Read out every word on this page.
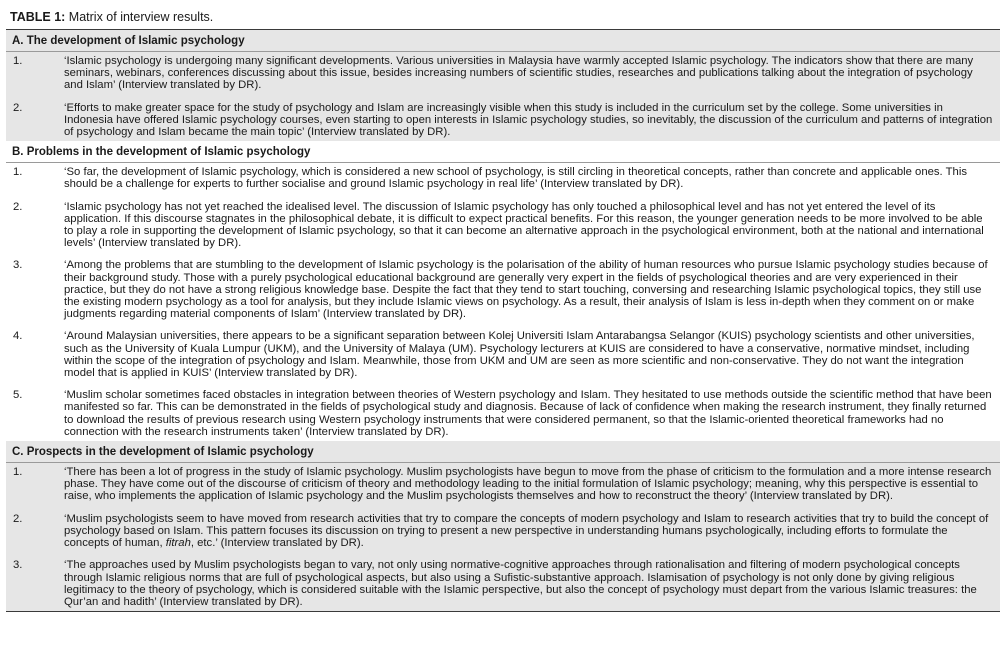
TABLE 1: Matrix of interview results.
A. The development of Islamic psychology
1.	‘Islamic psychology is undergoing many significant developments. Various universities in Malaysia have warmly accepted Islamic psychology. The indicators show that there are many seminars, webinars, conferences discussing about this issue, besides increasing numbers of scientific studies, researches and publications talking about the integration of psychology and Islam’ (Interview translated by DR).
2.	‘Efforts to make greater space for the study of psychology and Islam are increasingly visible when this study is included in the curriculum set by the college. Some universities in Indonesia have offered Islamic psychology courses, even starting to open interests in Islamic psychology studies, so inevitably, the discussion of the curriculum and patterns of integration of psychology and Islam became the main topic’ (Interview translated by DR).
B. Problems in the development of Islamic psychology
1.	‘So far, the development of Islamic psychology, which is considered a new school of psychology, is still circling in theoretical concepts, rather than concrete and applicable ones. This should be a challenge for experts to further socialise and ground Islamic psychology in real life’ (Interview translated by DR).
2.	‘Islamic psychology has not yet reached the idealised level. The discussion of Islamic psychology has only touched a philosophical level and has not yet entered the level of its application. If this discourse stagnates in the philosophical debate, it is difficult to expect practical benefits. For this reason, the younger generation needs to be more involved to be able to play a role in supporting the development of Islamic psychology, so that it can become an alternative approach in the psychological environment, both at the national and international levels’ (Interview translated by DR).
3.	‘Among the problems that are stumbling to the development of Islamic psychology is the polarisation of the ability of human resources who pursue Islamic psychology studies because of their background study. Those with a purely psychological educational background are generally very expert in the fields of psychological theories and are very experienced in their practice, but they do not have a strong religious knowledge base. Despite the fact that they tend to start touching, conversing and researching Islamic psychological topics, they still use the existing modern psychology as a tool for analysis, but they include Islamic views on psychology. As a result, their analysis of Islam is less in-depth when they comment on or make judgments regarding material components of Islam’ (Interview translated by DR).
4.	‘Around Malaysian universities, there appears to be a significant separation between Kolej Universiti Islam Antarabangsa Selangor (KUIS) psychology scientists and other universities, such as the University of Kuala Lumpur (UKM), and the University of Malaya (UM). Psychology lecturers at KUIS are considered to have a conservative, normative mindset, including within the scope of the integration of psychology and Islam. Meanwhile, those from UKM and UM are seen as more scientific and non-conservative. They do not want the integration model that is applied in KUIS’ (Interview translated by DR).
5.	‘Muslim scholar sometimes faced obstacles in integration between theories of Western psychology and Islam. They hesitated to use methods outside the scientific method that have been manifested so far. This can be demonstrated in the fields of psychological study and diagnosis. Because of lack of confidence when making the research instrument, they finally returned to download the results of previous research using Western psychology instruments that were considered permanent, so that the Islamic-oriented theoretical frameworks had no connection with the research instruments taken’ (Interview translated by DR).
C. Prospects in the development of Islamic psychology
1.	‘There has been a lot of progress in the study of Islamic psychology. Muslim psychologists have begun to move from the phase of criticism to the formulation and a more intense research phase. They have come out of the discourse of criticism of theory and methodology leading to the initial formulation of Islamic psychology; meaning, why this perspective is essential to raise, who implements the application of Islamic psychology and the Muslim psychologists themselves and how to reconstruct the theory’ (Interview translated by DR).
2.	‘Muslim psychologists seem to have moved from research activities that try to compare the concepts of modern psychology and Islam to research activities that try to build the concept of psychology based on Islam. This pattern focuses its discussion on trying to present a new perspective in understanding humans psychologically, including efforts to formulate the concepts of human, fitrah, etc.’ (Interview translated by DR).
3.	‘The approaches used by Muslim psychologists began to vary, not only using normative-cognitive approaches through rationalisation and filtering of modern psychological concepts through Islamic religious norms that are full of psychological aspects, but also using a Sufistic-substantive approach. Islamisation of psychology is not only done by giving religious legitimacy to the theory of psychology, which is considered suitable with the Islamic perspective, but also the concept of psychology must depart from the various Islamic treasures: the Qur’an and hadith’ (Interview translated by DR).
